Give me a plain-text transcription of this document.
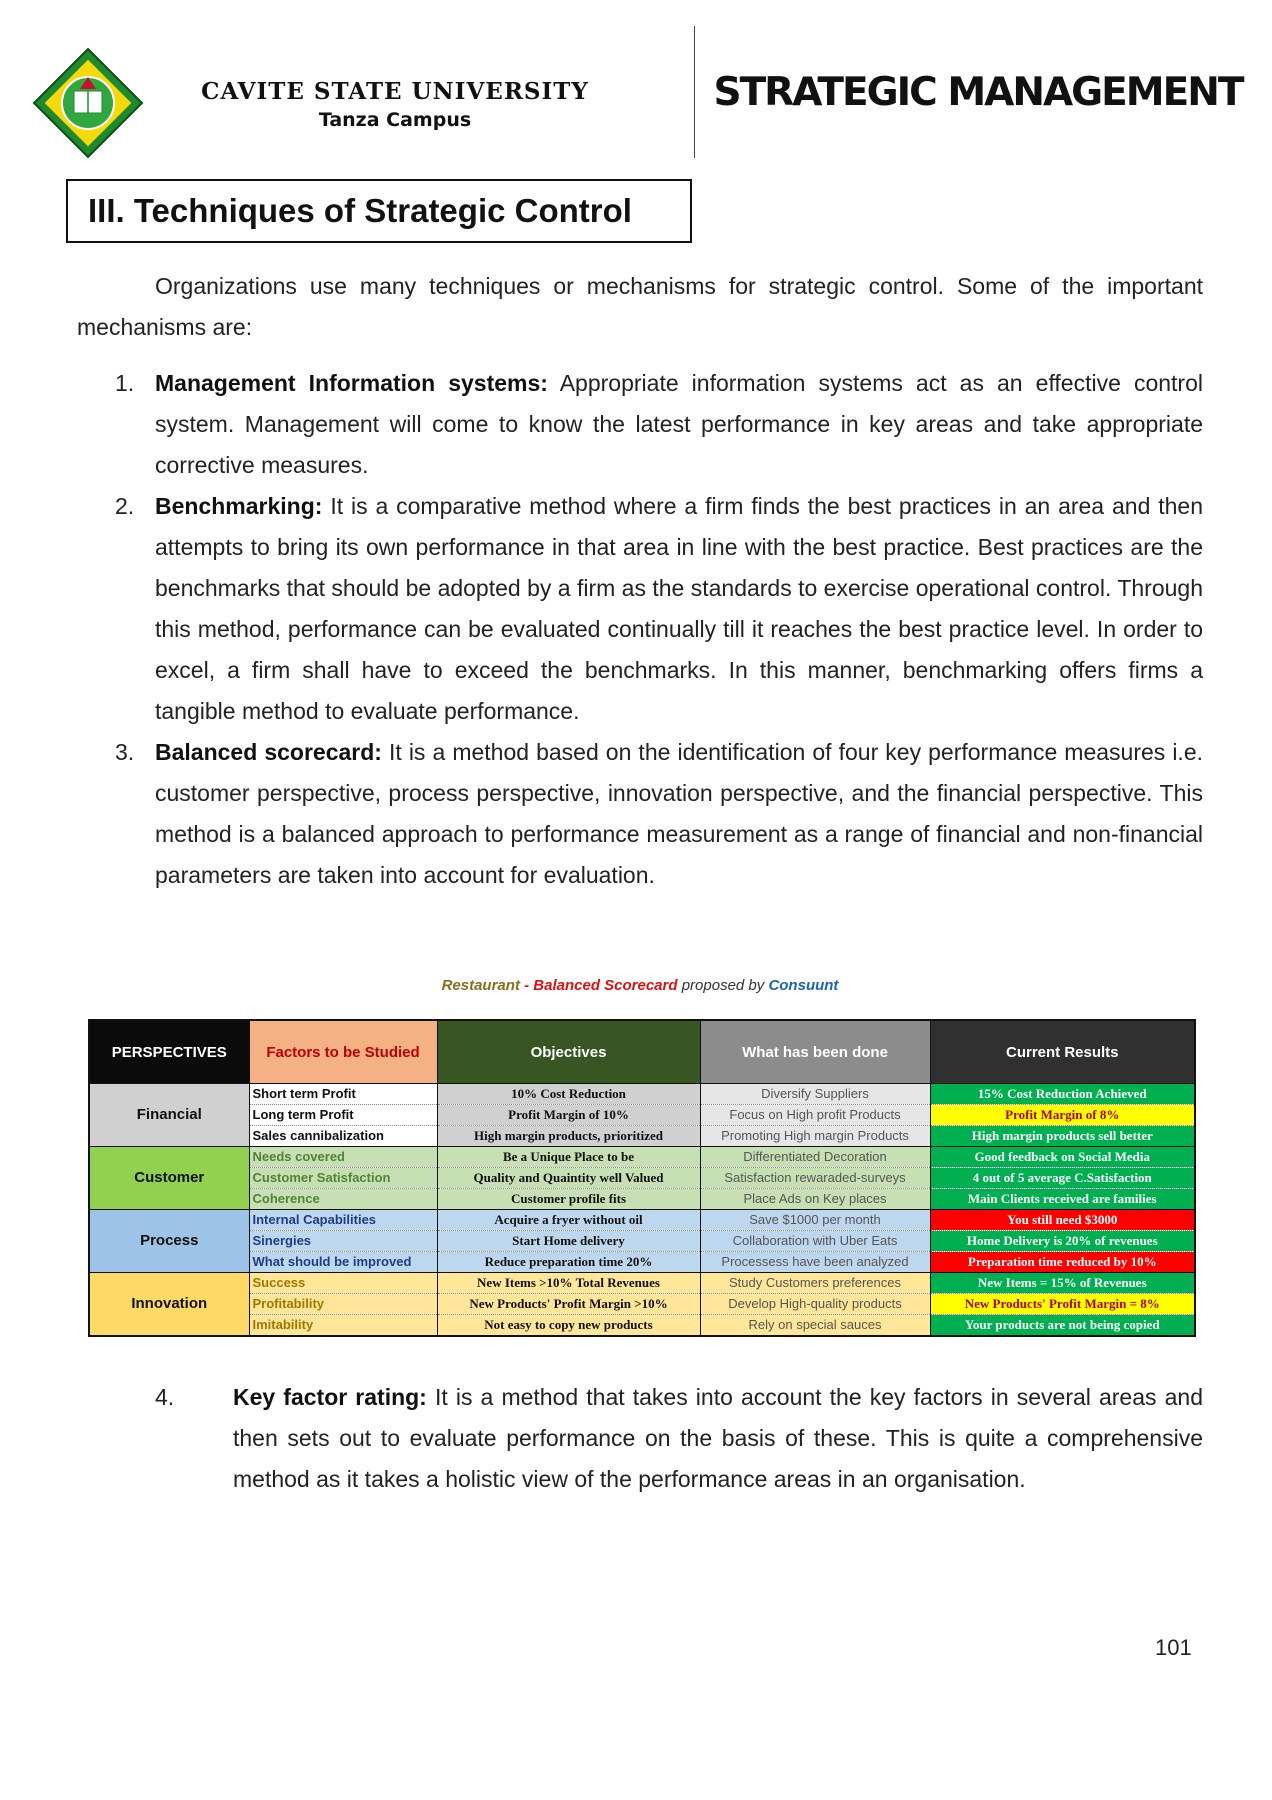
CAVITE STATE UNIVERSITY
Tanza Campus
STRATEGIC MANAGEMENT
III. Techniques of Strategic Control
Organizations use many techniques or mechanisms for strategic control. Some of the important mechanisms are:
1. Management Information systems: Appropriate information systems act as an effective control system. Management will come to know the latest performance in key areas and take appropriate corrective measures.
2. Benchmarking: It is a comparative method where a firm finds the best practices in an area and then attempts to bring its own performance in that area in line with the best practice. Best practices are the benchmarks that should be adopted by a firm as the standards to exercise operational control. Through this method, performance can be evaluated continually till it reaches the best practice level. In order to excel, a firm shall have to exceed the benchmarks. In this manner, benchmarking offers firms a tangible method to evaluate performance.
3. Balanced scorecard: It is a method based on the identification of four key performance measures i.e. customer perspective, process perspective, innovation perspective, and the financial perspective. This method is a balanced approach to performance measurement as a range of financial and non-financial parameters are taken into account for evaluation.
Restaurant - Balanced Scorecard proposed by Consuunt
PERSPECTIVES	Factors to be Studied	Objectives	What has been done	Current Results
Financial	Short term Profit	10% Cost Reduction	Diversify Suppliers	15% Cost Reduction Achieved
	Long term Profit	Profit Margin of 10%	Focus on High profit Products	Profit Margin of 8%
	Sales cannibalization	High margin products, prioritized	Promoting High margin Products	High margin products sell better
Customer	Needs covered	Be a Unique Place to be	Differentiated Decoration	Good feedback on Social Media
	Customer Satisfaction	Quality and Quaintity well Valued	Satisfaction rewaraded-surveys	4 out of 5 average C.Satisfaction
	Coherence	Customer profile fits	Place Ads on Key places	Main Clients received are families
Process	Internal Capabilities	Acquire a fryer without oil	Save $1000 per month	You still need $3000
	Sinergies	Start Home delivery	Collaboration with Uber Eats	Home Delivery is 20% of revenues
	What should be improved	Reduce preparation time 20%	Processess have been analyzed	Preparation time reduced by 10%
Innovation	Success	New Items >10% Total Revenues	Study Customers preferences	New Items = 15% of Revenues
	Profitability	New Products' Profit Margin >10%	Develop High-quality products	New Products' Profit Margin = 8%
	Imitability	Not easy to copy new products	Rely on special sauces	Your products are not being copied
4.	Key factor rating: It is a method that takes into account the key factors in several areas and then sets out to evaluate performance on the basis of these. This is quite a comprehensive method as it takes a holistic view of the performance areas in an organisation.
101
